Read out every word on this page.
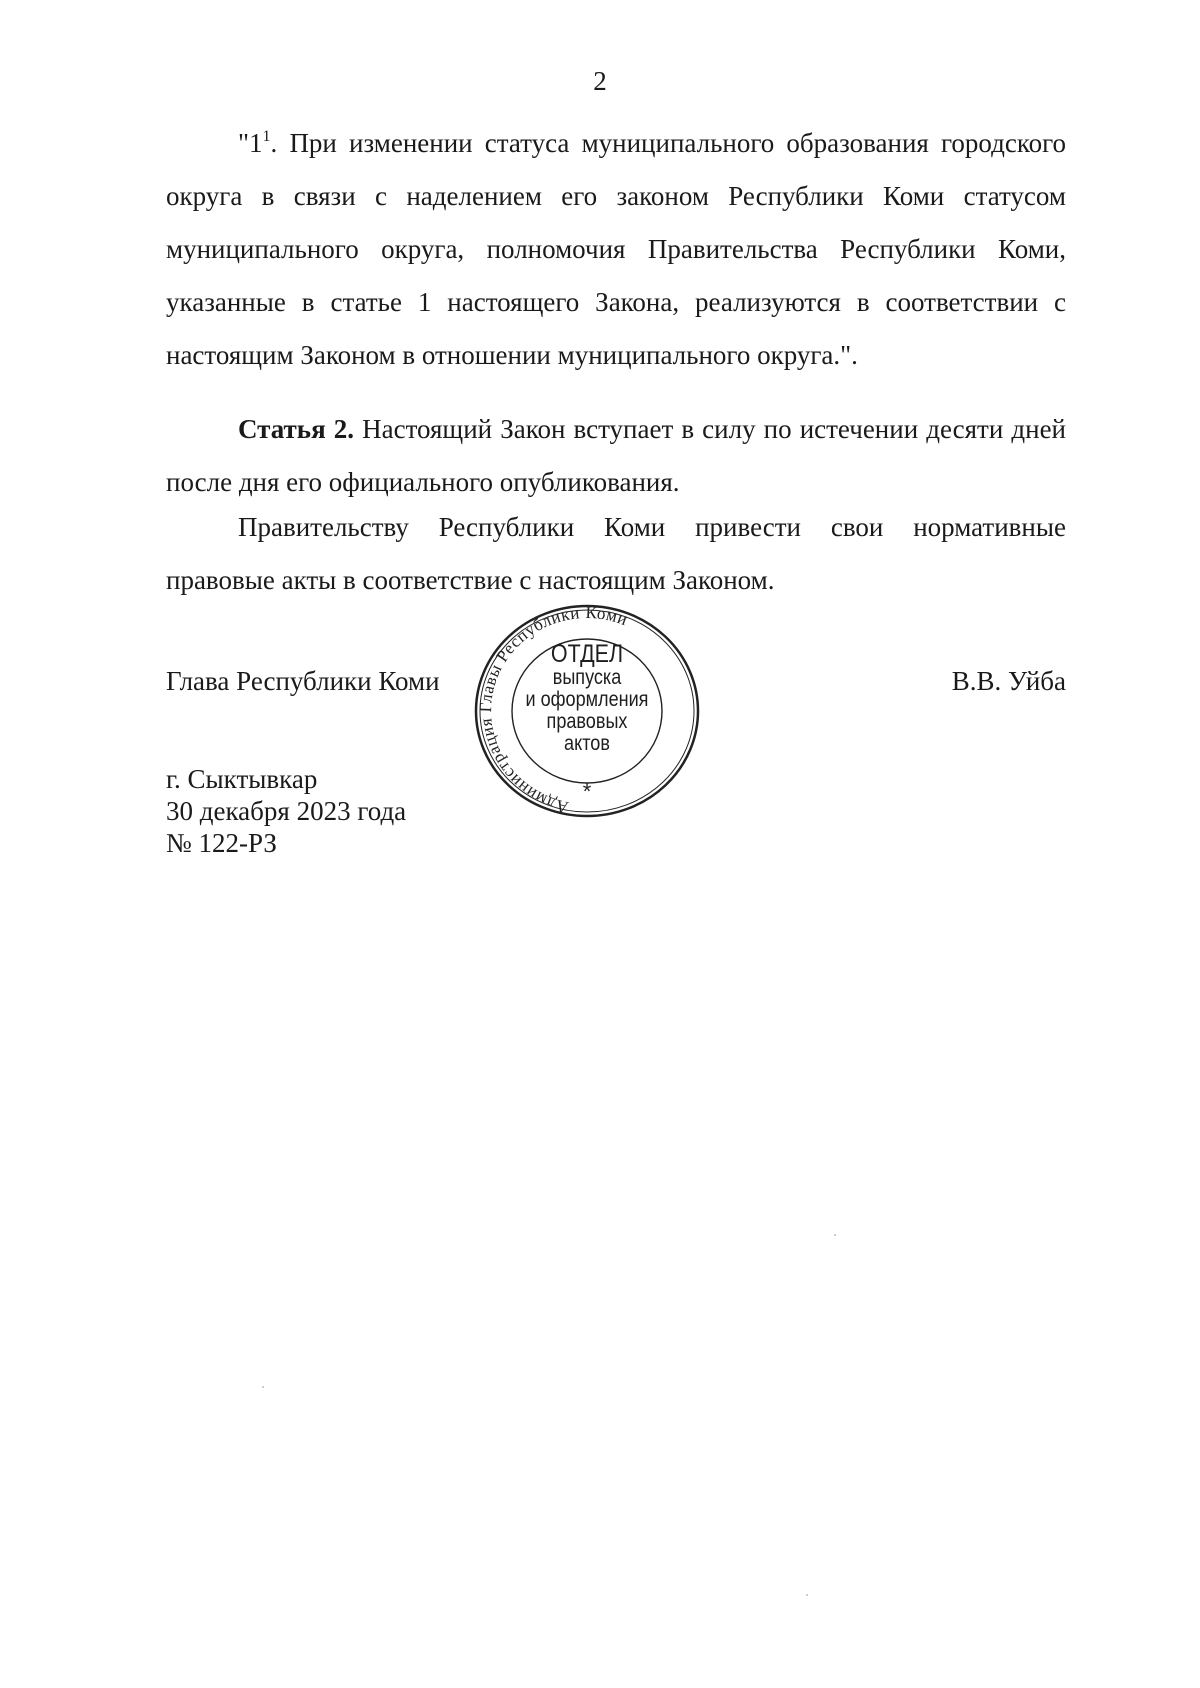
2

"$1^1$. При изменении статуса муниципального образования городского округа в связи с наделением его законом Республики Коми статусом муниципального округа, полномочия Правительства Республики Коми, указанные в статье 1 настоящего Закона, реализуются в соответствии с настоящим Законом в отношении муниципального округа.".

Статья 2. Настоящий Закон вступает в силу по истечении десяти дней после дня его официального опубликования.

Правительству Республики Коми привести свои нормативные правовые акты в соответствие с настоящим Законом.

Глава Республики Коми	В.В. Уйба
г. Сыктывкар
30 декабря 2023 года
№ 122-РЗ
Администрация Главы Республики Коми
*
ОТДЕЛ
выпуска
и оформления
правовых
актов
